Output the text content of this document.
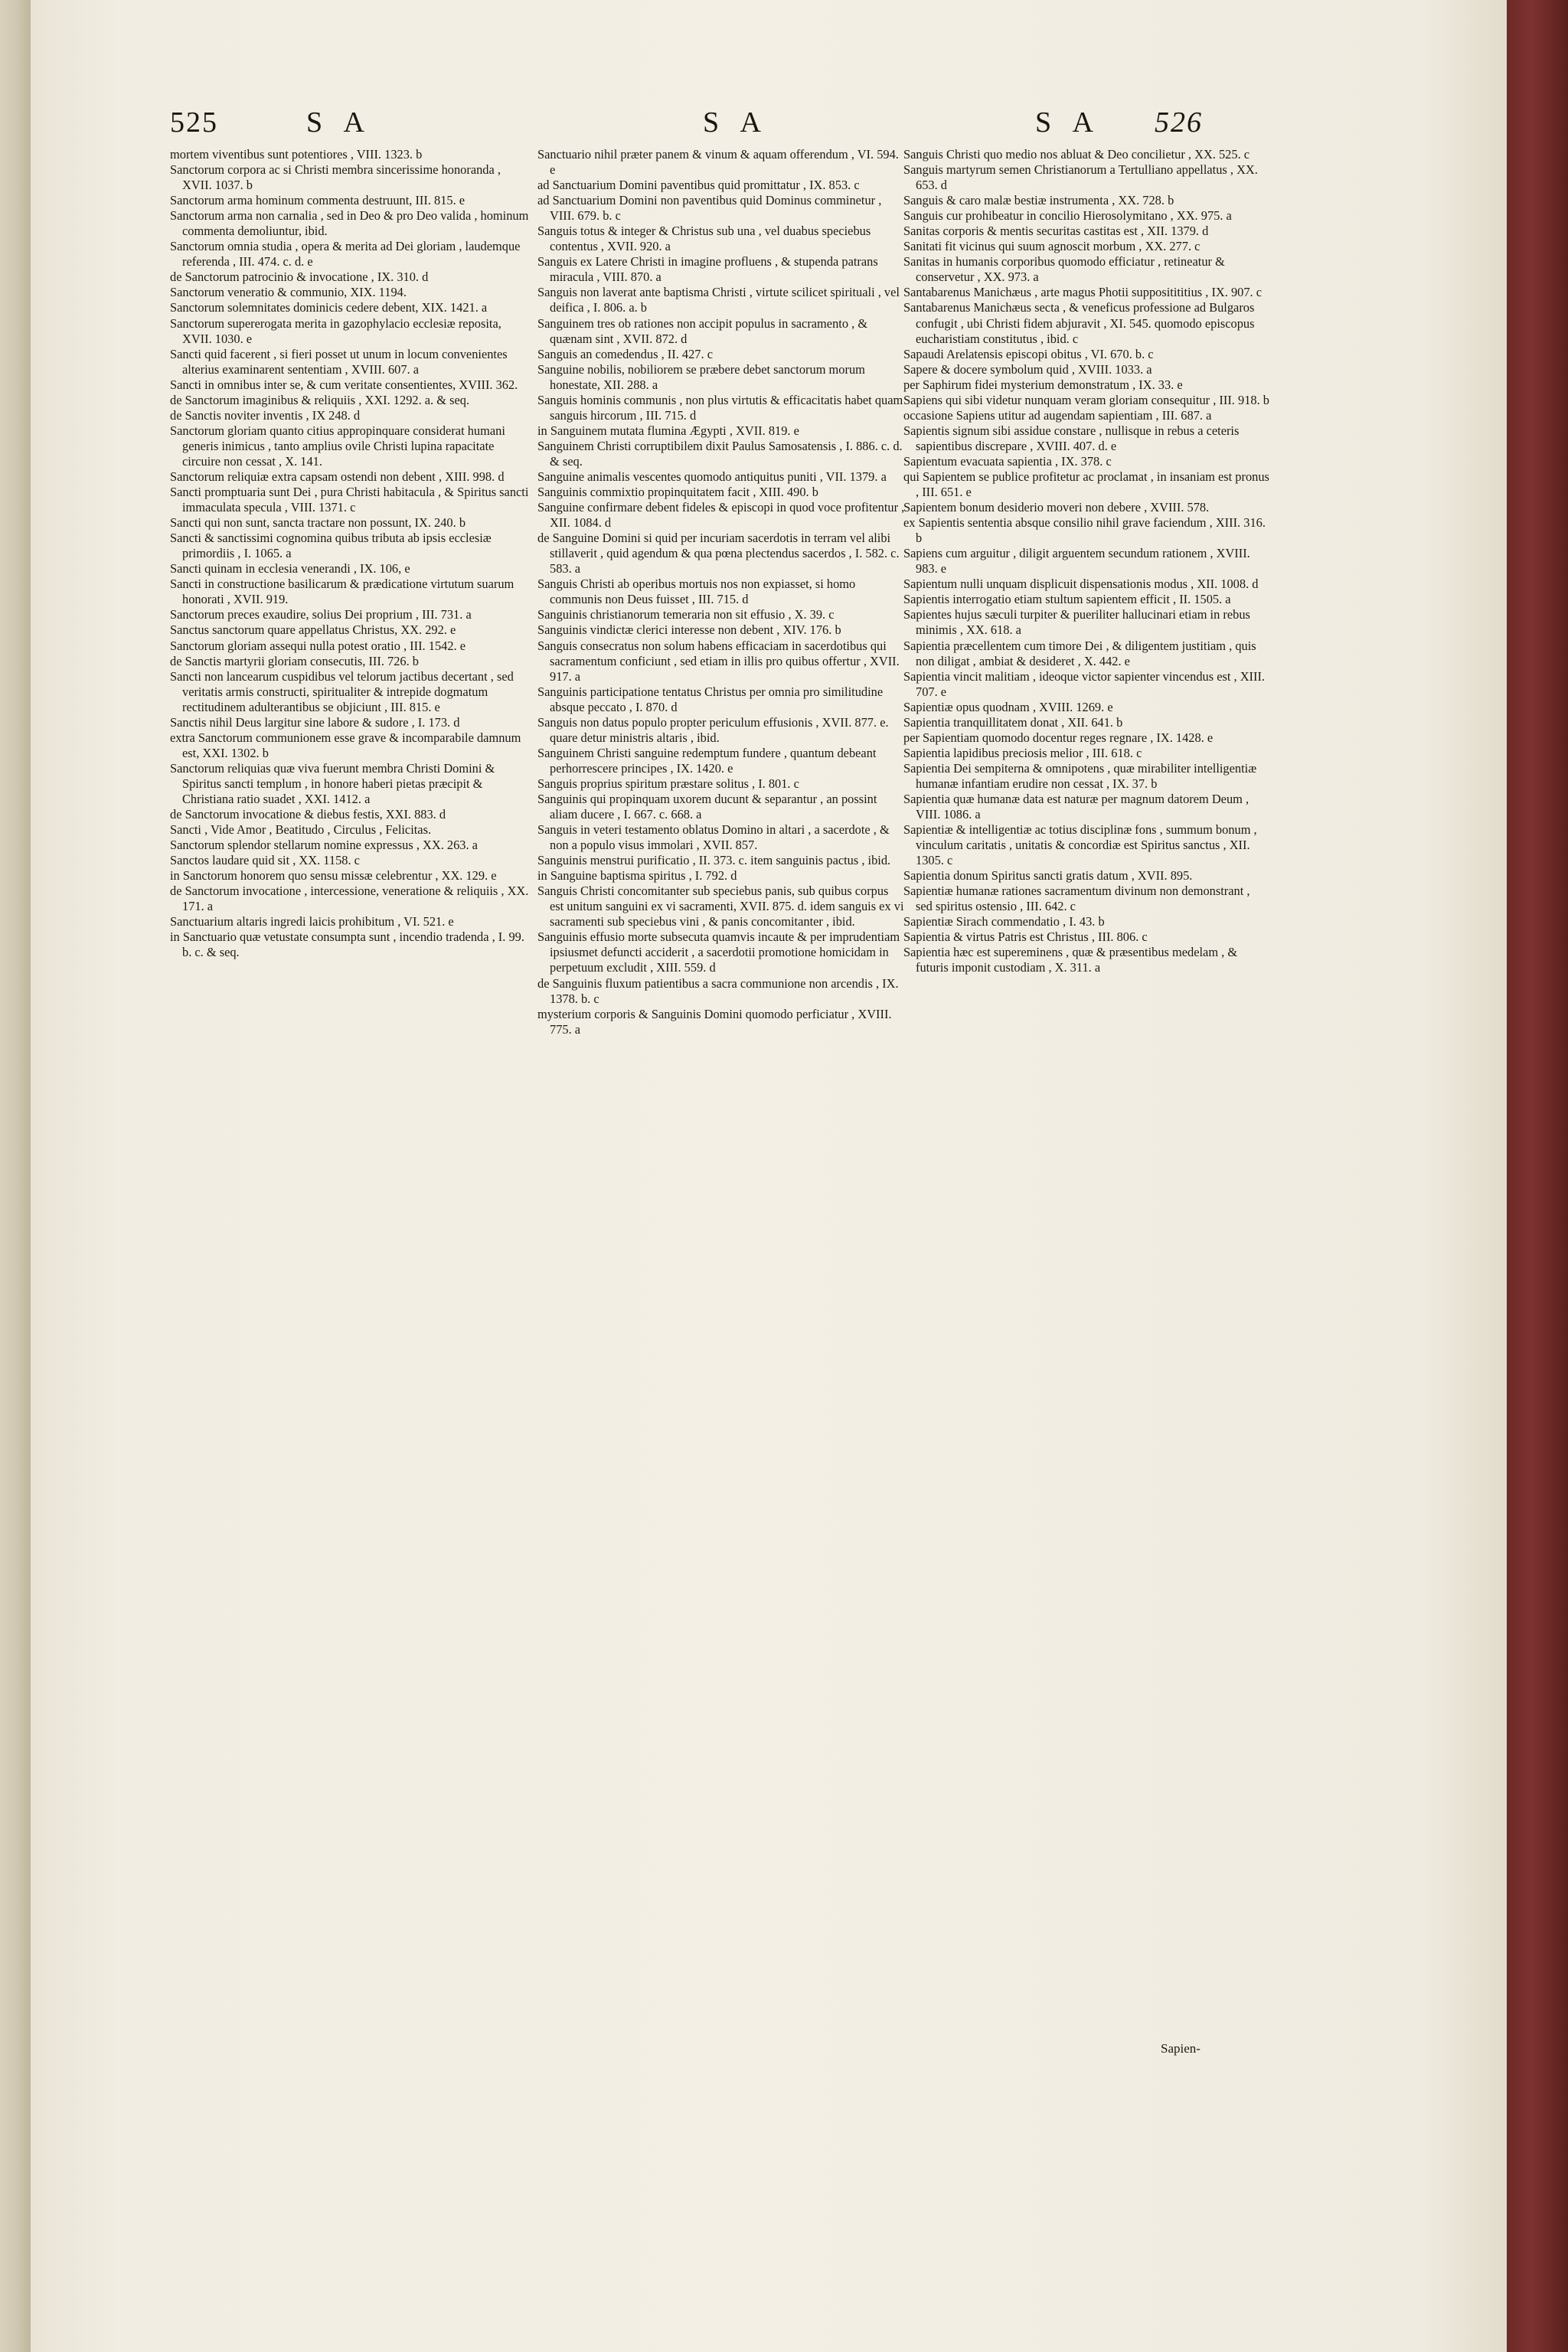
525	S A	S A	S A 526

mortem viventibus sunt potentiores , VIII. 1323. b

Sanctorum corpora ac si Christi membra sincerissime honoranda , XVII. 1037. b

Sanctorum arma hominum commenta destruunt, III. 815. e

Sanctorum arma non carnalia , sed in Deo & pro Deo valida , hominum commenta demoliuntur, ibid.

Sanctorum omnia studia , opera & merita ad Dei gloriam , laudemque referenda , III. 474. c. d. e

de Sanctorum patrocinio & invocatione , IX. 310. d

Sanctorum veneratio & communio, XIX. 1194.

Sanctorum solemnitates dominicis cedere debent, XIX. 1421. a

Sanctorum supererogata merita in gazophylacio ecclesiæ reposita, XVII. 1030. e

Sancti quid facerent , si fieri posset ut unum in locum convenientes alterius examinarent sententiam , XVIII. 607. a

Sancti in omnibus inter se, & cum veritate consentientes, XVIII. 362.

de Sanctorum imaginibus & reliquiis , XXI. 1292. a. & seq.

de Sanctis noviter inventis , IX 248. d

Sanctorum gloriam quanto citius appropinquare considerat humani generis inimicus , tanto amplius ovile Christi lupina rapacitate circuire non cessat , X. 141.

Sanctorum reliquiæ extra capsam ostendi non debent , XIII. 998. d

Sancti promptuaria sunt Dei , pura Christi habitacula , & Spiritus sancti immaculata specula , VIII. 1371. c

Sancti qui non sunt, sancta tractare non possunt, IX. 240. b

Sancti & sanctissimi cognomina quibus tributa ab ipsis ecclesiæ primordiis , I. 1065. a

Sancti quinam in ecclesia venerandi , IX. 106, e

Sancti in constructione basilicarum & prædicatione virtutum suarum honorati , XVII. 919.

Sanctorum preces exaudire, solius Dei proprium , III. 731. a

Sanctus sanctorum quare appellatus Christus, XX. 292. e

Sanctorum gloriam assequi nulla potest oratio , III. 1542. e

de Sanctis martyrii gloriam consecutis, III. 726. b

Sancti non lancearum cuspidibus vel telorum jactibus decertant , sed veritatis armis constructi, spiritualiter & intrepide dogmatum rectitudinem adulterantibus se objiciunt , III. 815. e

Sanctis nihil Deus largitur sine labore & sudore , I. 173. d

extra Sanctorum communionem esse grave & incomparabile damnum est, XXI. 1302. b

Sanctorum reliquias quæ viva fuerunt membra Christi Domini & Spiritus sancti templum , in honore haberi pietas præcipit & Christiana ratio suadet , XXI. 1412. a

de Sanctorum invocatione & diebus festis, XXI. 883. d

Sancti , Vide Amor , Beatitudo , Circulus , Felicitas.

Sanctorum splendor stellarum nomine expressus , XX. 263. a

Sanctos laudare quid sit , XX. 1158. c

in Sanctorum honorem quo sensu missæ celebrentur , XX. 129. e

de Sanctorum invocatione , intercessione, veneratione & reliquiis , XX. 171. a

Sanctuarium altaris ingredi laicis prohibitum , VI. 521. e

in Sanctuario quæ vetustate consumpta sunt , incendio tradenda , I. 99. b. c. & seq.

Sanctuario nihil præter panem & vinum & aquam offerendum , VI. 594. e

ad Sanctuarium Domini paventibus quid promittatur , IX. 853. c

ad Sanctuarium Domini non paventibus quid Dominus comminetur , VIII. 679. b. c

Sanguis totus & integer & Christus sub una , vel duabus speciebus contentus , XVII. 920. a

Sanguis ex Latere Christi in imagine profluens , & stupenda patrans miracula , VIII. 870. a

Sanguis non laverat ante baptisma Christi , virtute scilicet spirituali , vel deifica , I. 806. a. b

Sanguinem tres ob rationes non accipit populus in sacramento , & quænam sint , XVII. 872. d

Sanguis an comedendus , II. 427. c

Sanguine nobilis, nobiliorem se præbere debet sanctorum morum honestate, XII. 288. a

Sanguis hominis communis , non plus virtutis & efficacitatis habet quam sanguis hircorum , III. 715. d

in Sanguinem mutata flumina Ægypti , XVII. 819. e

Sanguinem Christi corruptibilem dixit Paulus Samosatensis , I. 886. c. d. & seq.

Sanguine animalis vescentes quomodo antiquitus puniti , VII. 1379. a

Sanguinis commixtio propinquitatem facit , XIII. 490. b

Sanguine confirmare debent fideles & episcopi in quod voce profitentur , XII. 1084. d

de Sanguine Domini si quid per incuriam sacerdotis in terram vel alibi stillaverit , quid agendum & qua pœna plectendus sacerdos , I. 582. c. 583. a

Sanguis Christi ab operibus mortuis nos non expiasset, si homo communis non Deus fuisset , III. 715. d

Sanguinis christianorum temeraria non sit effusio , X. 39. c

Sanguinis vindictæ clerici interesse non debent , XIV. 176. b

Sanguis consecratus non solum habens efficaciam in sacerdotibus qui sacramentum conficiunt , sed etiam in illis pro quibus offertur , XVII. 917. a

Sanguinis participatione tentatus Christus per omnia pro similitudine absque peccato , I. 870. d

Sanguis non datus populo propter periculum effusionis , XVII. 877. e. quare detur ministris altaris , ibid.

Sanguinem Christi sanguine redemptum fundere , quantum debeant perhorrescere principes , IX. 1420. e

Sanguis proprius spiritum præstare solitus , I. 801. c

Sanguinis qui propinquam uxorem ducunt & separantur , an possint aliam ducere , I. 667. c. 668. a

Sanguis in veteri testamento oblatus Domino in altari , a sacerdote , & non a populo visus immolari , XVII. 857.

Sanguinis menstrui purificatio , II. 373. c. item sanguinis pactus , ibid.

in Sanguine baptisma spiritus , I. 792. d

Sanguis Christi concomitanter sub speciebus panis, sub quibus corpus est unitum sanguini ex vi sacramenti, XVII. 875. d. idem sanguis ex vi sacramenti sub speciebus vini , & panis concomitanter , ibid.

Sanguinis effusio morte subsecuta quamvis incaute & per imprudentiam ipsiusmet defuncti acciderit , a sacerdotii promotione homicidam in perpetuum excludit , XIII. 559. d

de Sanguinis fluxum patientibus a sacra communione non arcendis , IX. 1378. b. c

mysterium corporis & Sanguinis Domini quomodo perficiatur , XVIII. 775. a

Sanguis Christi quo medio nos abluat & Deo concilietur , XX. 525. c

Sanguis martyrum semen Christianorum a Tertulliano appellatus , XX. 653. d

Sanguis & caro malæ bestiæ instrumenta , XX. 728. b

Sanguis cur prohibeatur in concilio Hierosolymitano , XX. 975. a

Sanitas corporis & mentis securitas castitas est , XII. 1379. d

Sanitati fit vicinus qui suum agnoscit morbum , XX. 277. c

Sanitas in humanis corporibus quomodo efficiatur , retineatur & conservetur , XX. 973. a

Santabarenus Manichæus , arte magus Photii suppositititius , IX. 907. c

Santabarenus Manichæus secta , & veneficus professione ad Bulgaros confugit , ubi Christi fidem abjuravit , XI. 545. quomodo episcopus eucharistiam constitutus , ibid. c

Sapaudi Arelatensis episcopi obitus , VI. 670. b. c

Sapere & docere symbolum quid , XVIII. 1033. a

per Saphirum fidei mysterium demonstratum , IX. 33. e

Sapiens qui sibi videtur nunquam veram gloriam consequitur , III. 918. b

occasione Sapiens utitur ad augendam sapientiam , III. 687. a

Sapientis signum sibi assidue constare , nullisque in rebus a ceteris sapientibus discrepare , XVIII. 407. d. e

Sapientum evacuata sapientia , IX. 378. c

qui Sapientem se publice profitetur ac proclamat , in insaniam est pronus , III. 651. e

Sapientem bonum desiderio moveri non debere , XVIII. 578.

ex Sapientis sententia absque consilio nihil grave faciendum , XIII. 316. b

Sapiens cum arguitur , diligit arguentem secundum rationem , XVIII. 983. e

Sapientum nulli unquam displicuit dispensationis modus , XII. 1008. d

Sapientis interrogatio etiam stultum sapientem efficit , II. 1505. a

Sapientes hujus sæculi turpiter & pueriliter hallucinari etiam in rebus minimis , XX. 618. a

Sapientia præcellentem cum timore Dei , & diligentem justitiam , quis non diligat , ambiat & desideret , X. 442. e

Sapientia vincit malitiam , ideoque victor sapienter vincendus est , XIII. 707. e

Sapientiæ opus quodnam , XVIII. 1269. e

Sapientia tranquillitatem donat , XII. 641. b

per Sapientiam quomodo docentur reges regnare , IX. 1428. e

Sapientia lapidibus preciosis melior , III. 618. c

Sapientia Dei sempiterna & omnipotens , quæ mirabiliter intelligentiæ humanæ infantiam erudire non cessat , IX. 37. b

Sapientia quæ humanæ data est naturæ per magnum datorem Deum , VIII. 1086. a

Sapientiæ & intelligentiæ ac totius disciplinæ fons , summum bonum , vinculum caritatis , unitatis & concordiæ est Spiritus sanctus , XII. 1305. c

Sapientia donum Spiritus sancti gratis datum , XVII. 895.

Sapientiæ humanæ rationes sacramentum divinum non demonstrant , sed spiritus ostensio , III. 642. c

Sapientiæ Sirach commendatio , I. 43. b

Sapientia & virtus Patris est Christus , III. 806. c

Sapientia hæc est supereminens , quæ & præsentibus medelam , & futuris imponit custodiam , X. 311. a

Sapien-
